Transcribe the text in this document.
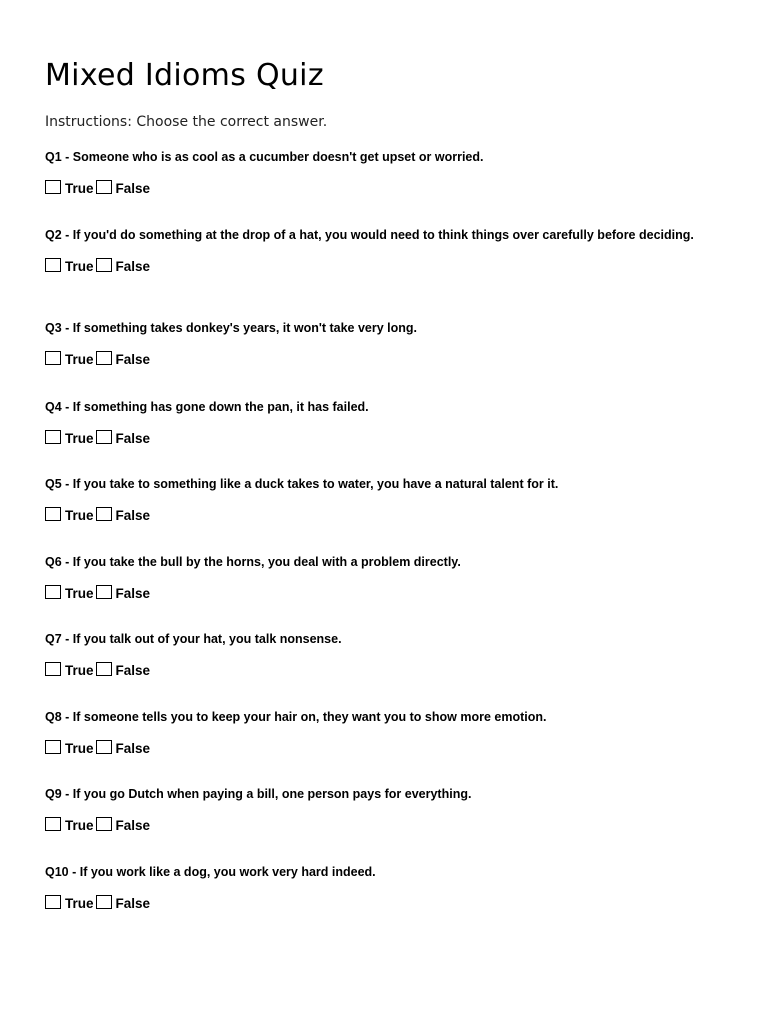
Mixed Idioms Quiz

Instructions: Choose the correct answer.

Q1 - Someone who is as cool as a cucumber doesn't get upset or worried.

True False

Q2 - If you'd do something at the drop of a hat, you would need to think things over carefully before deciding.

True False

Q3 - If something takes donkey's years, it won't take very long.

True False

Q4 - If something has gone down the pan, it has failed.

True False

Q5 - If you take to something like a duck takes to water, you have a natural talent for it.

True False

Q6 - If you take the bull by the horns, you deal with a problem directly.

True False

Q7 - If you talk out of your hat, you talk nonsense.

True False

Q8 - If someone tells you to keep your hair on, they want you to show more emotion.

True False

Q9 - If you go Dutch when paying a bill, one person pays for everything.

True False

Q10 - If you work like a dog, you work very hard indeed.

True False
